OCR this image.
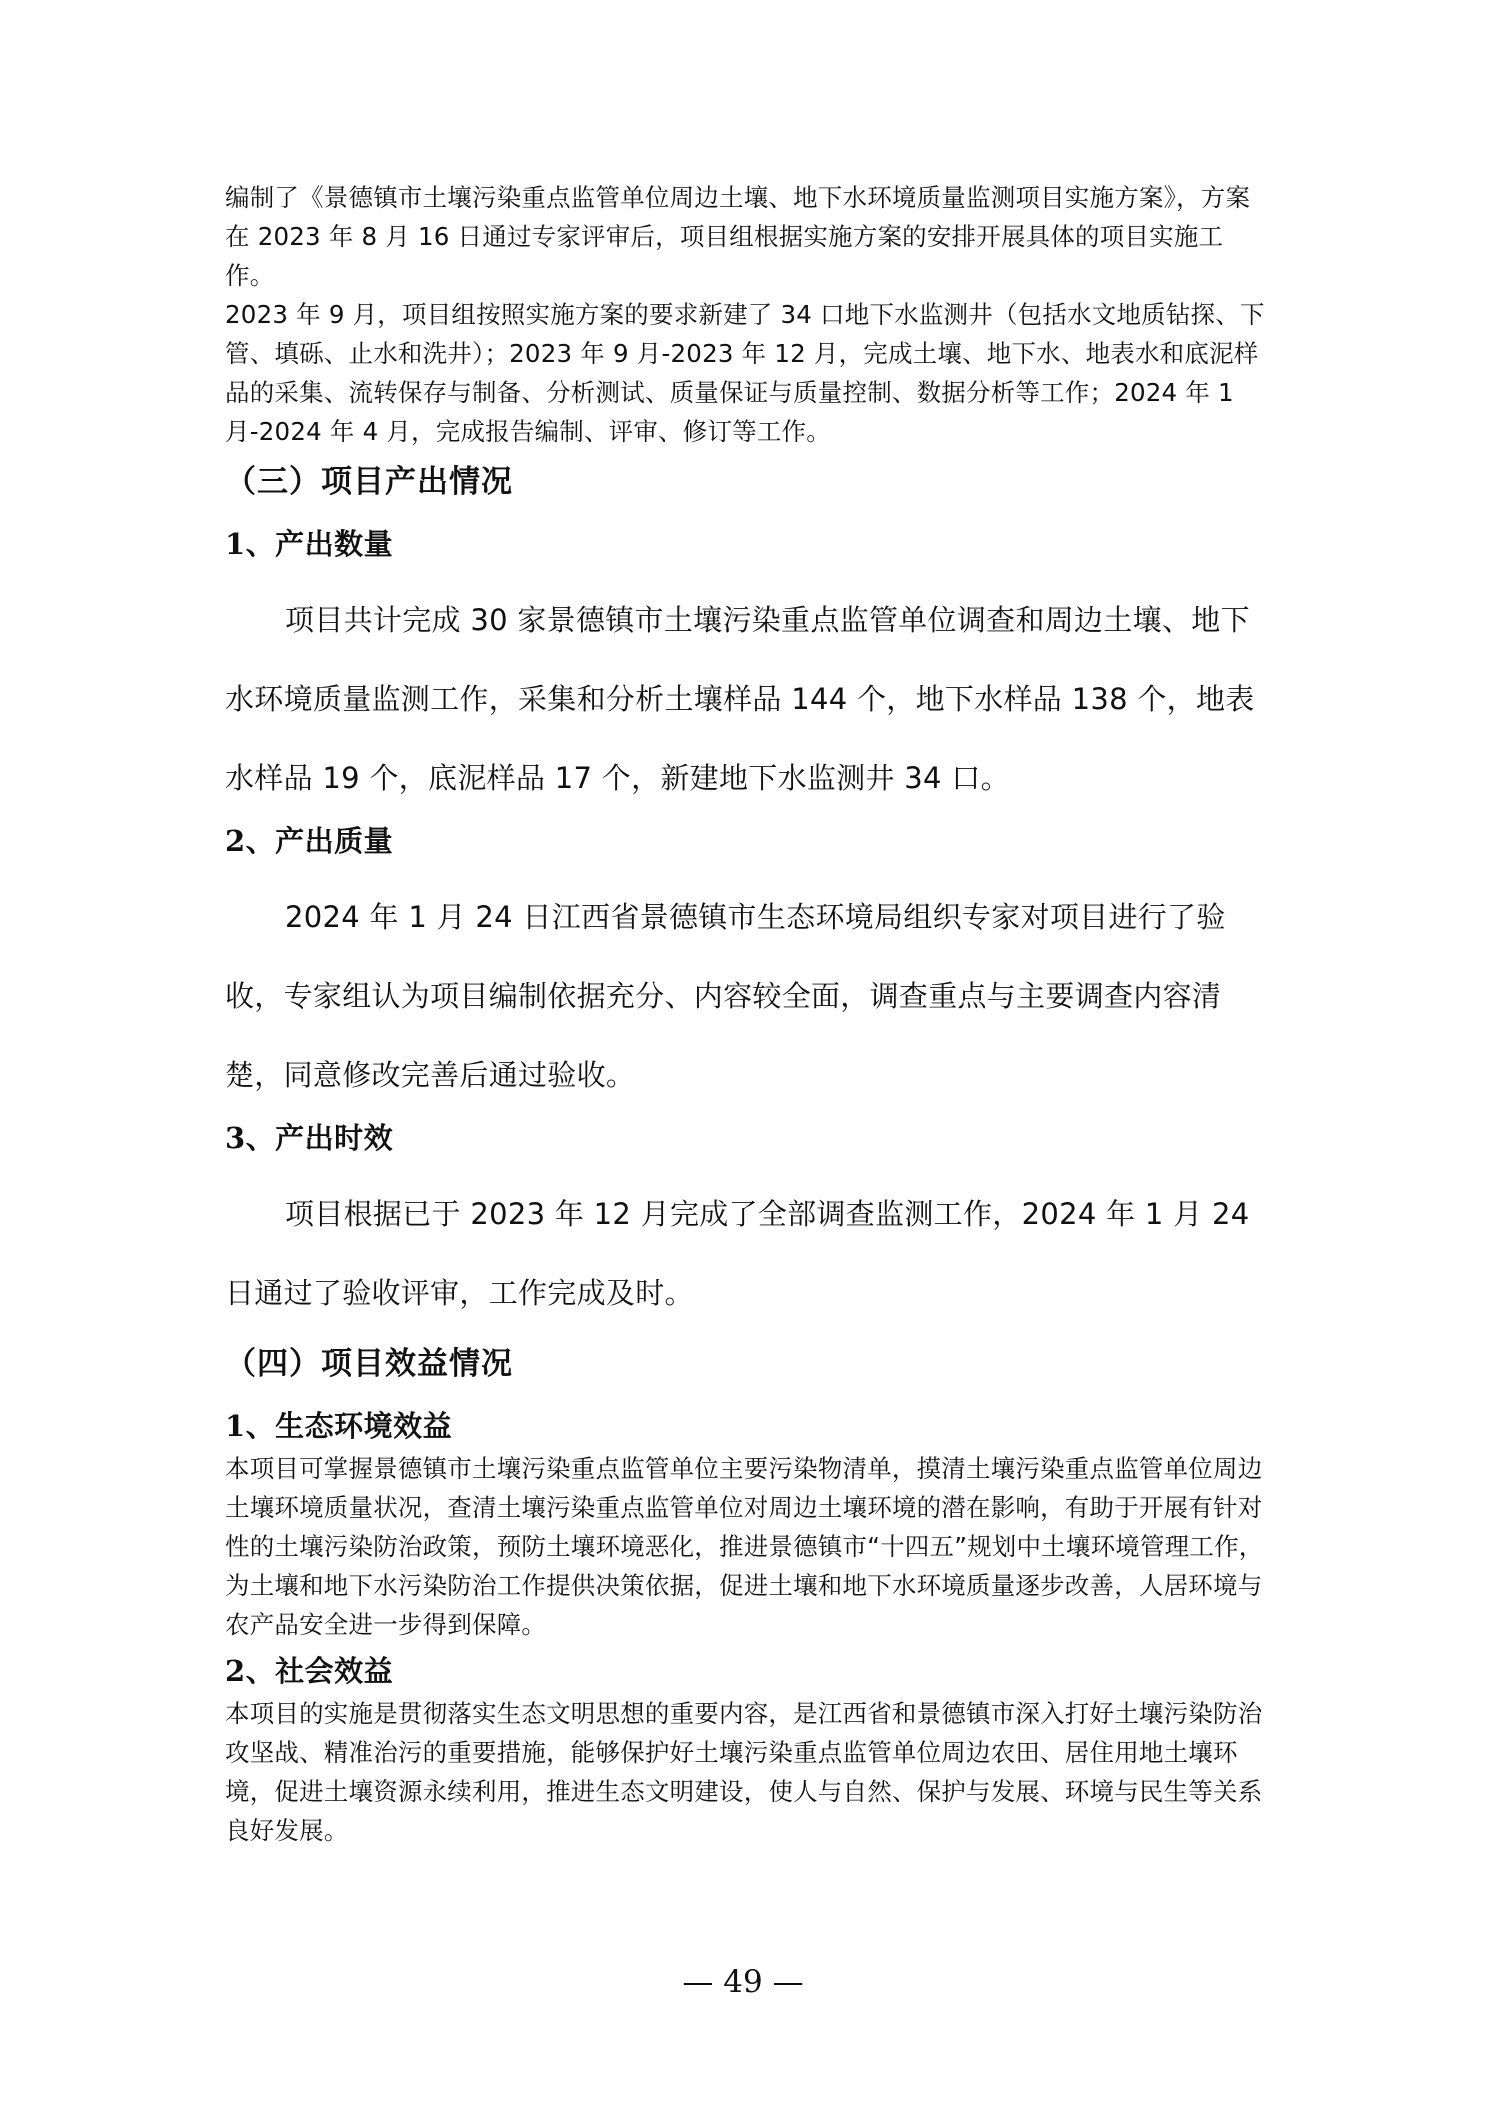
编制了《景德镇市土壤污染重点监管单位周边土壤、地下水环境质量监测项目实施方案》，方案在 2023 年 8 月 16 日通过专家评审后，项目组根据实施方案的安排开展具体的项目实施工作。

2023 年 9 月，项目组按照实施方案的要求新建了 34 口地下水监测井（包括水文地质钻探、下管、填砾、止水和洗井）；2023 年 9 月-2023 年 12 月，完成土壤、地下水、地表水和底泥样品的采集、流转保存与制备、分析测试、质量保证与质量控制、数据分析等工作；2024 年 1 月-2024 年 4 月，完成报告编制、评审、修订等工作。

（三）项目产出情况
1、产出数量

项目共计完成 30 家景德镇市土壤污染重点监管单位调查和周边土壤、地下水环境质量监测工作，采集和分析土壤样品 144 个，地下水样品 138 个，地表水样品 19 个，底泥样品 17 个，新建地下水监测井 34 口。

2、产出质量

2024 年 1 月 24 日江西省景德镇市生态环境局组织专家对项目进行了验收，专家组认为项目编制依据充分、内容较全面，调查重点与主要调查内容清楚，同意修改完善后通过验收。

3、产出时效

项目根据已于 2023 年 12 月完成了全部调查监测工作，2024 年 1 月 24 日通过了验收评审，工作完成及时。

（四）项目效益情况
1、生态环境效益

本项目可掌握景德镇市土壤污染重点监管单位主要污染物清单，摸清土壤污染重点监管单位周边土壤环境质量状况，查清土壤污染重点监管单位对周边土壤环境的潜在影响，有助于开展有针对性的土壤污染防治政策，预防土壤环境恶化，推进景德镇市“十四五”规划中土壤环境管理工作，为土壤和地下水污染防治工作提供决策依据，促进土壤和地下水环境质量逐步改善，人居环境与农产品安全进一步得到保障。

2、社会效益

本项目的实施是贯彻落实生态文明思想的重要内容，是江西省和景德镇市深入打好土壤污染防治攻坚战、精准治污的重要措施，能够保护好土壤污染重点监管单位周边农田、居住用地土壤环境，促进土壤资源永续利用，推进生态文明建设，使人与自然、保护与发展、环境与民生等关系良好发展。

— 49 —
